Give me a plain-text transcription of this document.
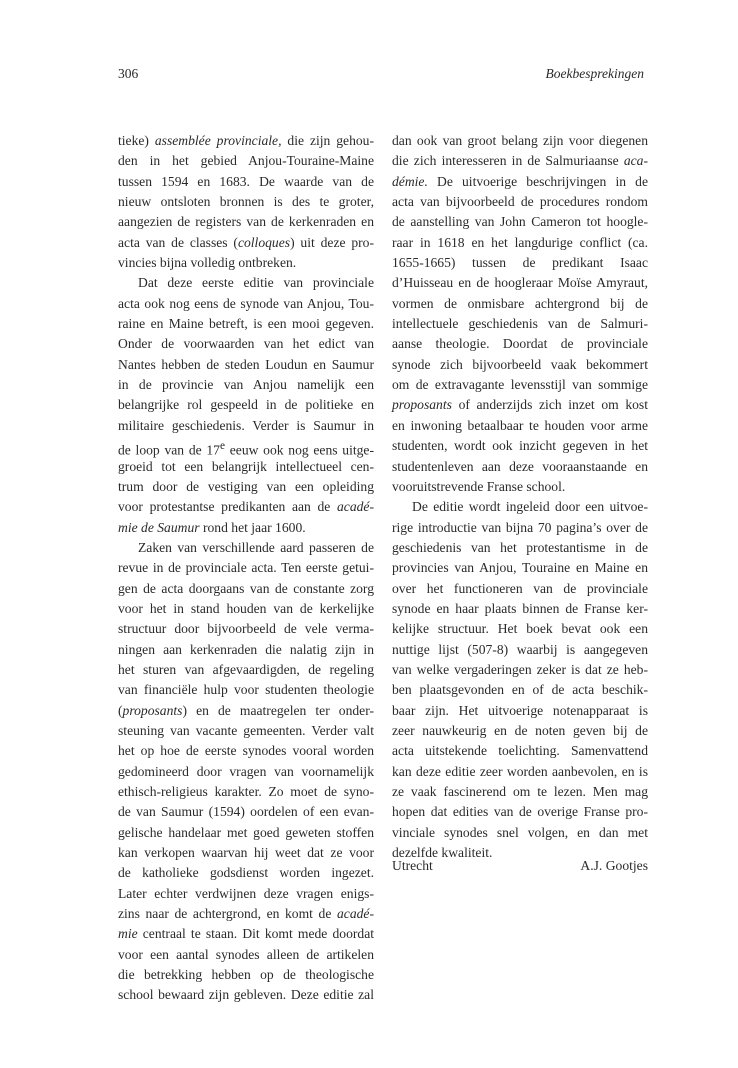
306	Boekbesprekingen
tieke) assemblée provinciale, die zijn gehou-
den in het gebied Anjou-Touraine-Maine
tussen 1594 en 1683. De waarde van de
nieuw ontsloten bronnen is des te groter,
aangezien de registers van de kerkenraden en
acta van de classes (colloques) uit deze pro-
vincies bijna volledig ontbreken.
Dat deze eerste editie van provinciale
acta ook nog eens de synode van Anjou, Tou-
raine en Maine betreft, is een mooi gegeven.
Onder de voorwaarden van het edict van
Nantes hebben de steden Loudun en Saumur
in de provincie van Anjou namelijk een
belangrijke rol gespeeld in de politieke en
militaire geschiedenis. Verder is Saumur in
de loop van de 17e eeuw ook nog eens uitge-
groeid tot een belangrijk intellectueel cen-
trum door de vestiging van een opleiding
voor protestantse predikanten aan de acadé-
mie de Saumur rond het jaar 1600.
Zaken van verschillende aard passeren de
revue in de provinciale acta. Ten eerste getui-
gen de acta doorgaans van de constante zorg
voor het in stand houden van de kerkelijke
structuur door bijvoorbeeld de vele verma-
ningen aan kerkenraden die nalatig zijn in
het sturen van afgevaardigden, de regeling
van financiële hulp voor studenten theologie
(proposants) en de maatregelen ter onder-
steuning van vacante gemeenten. Verder valt
het op hoe de eerste synodes vooral worden
gedomineerd door vragen van voornamelijk
ethisch-religieus karakter. Zo moet de syno-
de van Saumur (1594) oordelen of een evan-
gelische handelaar met goed geweten stoffen
kan verkopen waarvan hij weet dat ze voor
de katholieke godsdienst worden ingezet.
Later echter verdwijnen deze vragen enigs-
zins naar de achtergrond, en komt de acadé-
mie centraal te staan. Dit komt mede doordat
voor een aantal synodes alleen de artikelen
die betrekking hebben op de theologische
school bewaard zijn gebleven. Deze editie zal
dan ook van groot belang zijn voor diegenen
die zich interesseren in de Salmuriaanse aca-
démie. De uitvoerige beschrijvingen in de
acta van bijvoorbeeld de procedures rondom
de aanstelling van John Cameron tot hoogle-
raar in 1618 en het langdurige conflict (ca.
1655-1665) tussen de predikant Isaac
d’Huisseau en de hoogleraar Moïse Amyraut,
vormen de onmisbare achtergrond bij de
intellectuele geschiedenis van de Salmuri-
aanse theologie. Doordat de provinciale
synode zich bijvoorbeeld vaak bekommert
om de extravagante levensstijl van sommige
proposants of anderzijds zich inzet om kost
en inwoning betaalbaar te houden voor arme
studenten, wordt ook inzicht gegeven in het
studentenleven aan deze vooraanstaande en
vooruitstrevende Franse school.
De editie wordt ingeleid door een uitvoe-
rige introductie van bijna 70 pagina’s over de
geschiedenis van het protestantisme in de
provincies van Anjou, Touraine en Maine en
over het functioneren van de provinciale
synode en haar plaats binnen de Franse ker-
kelijke structuur. Het boek bevat ook een
nuttige lijst (507-8) waarbij is aangegeven
van welke vergaderingen zeker is dat ze heb-
ben plaatsgevonden en of de acta beschik-
baar zijn. Het uitvoerige notenapparaat is
zeer nauwkeurig en de noten geven bij de
acta uitstekende toelichting. Samenvattend
kan deze editie zeer worden aanbevolen, en is
ze vaak fascinerend om te lezen. Men mag
hopen dat edities van de overige Franse pro-
vinciale synodes snel volgen, en dan met
dezelfde kwaliteit.
Utrecht	A.J. Gootjes
